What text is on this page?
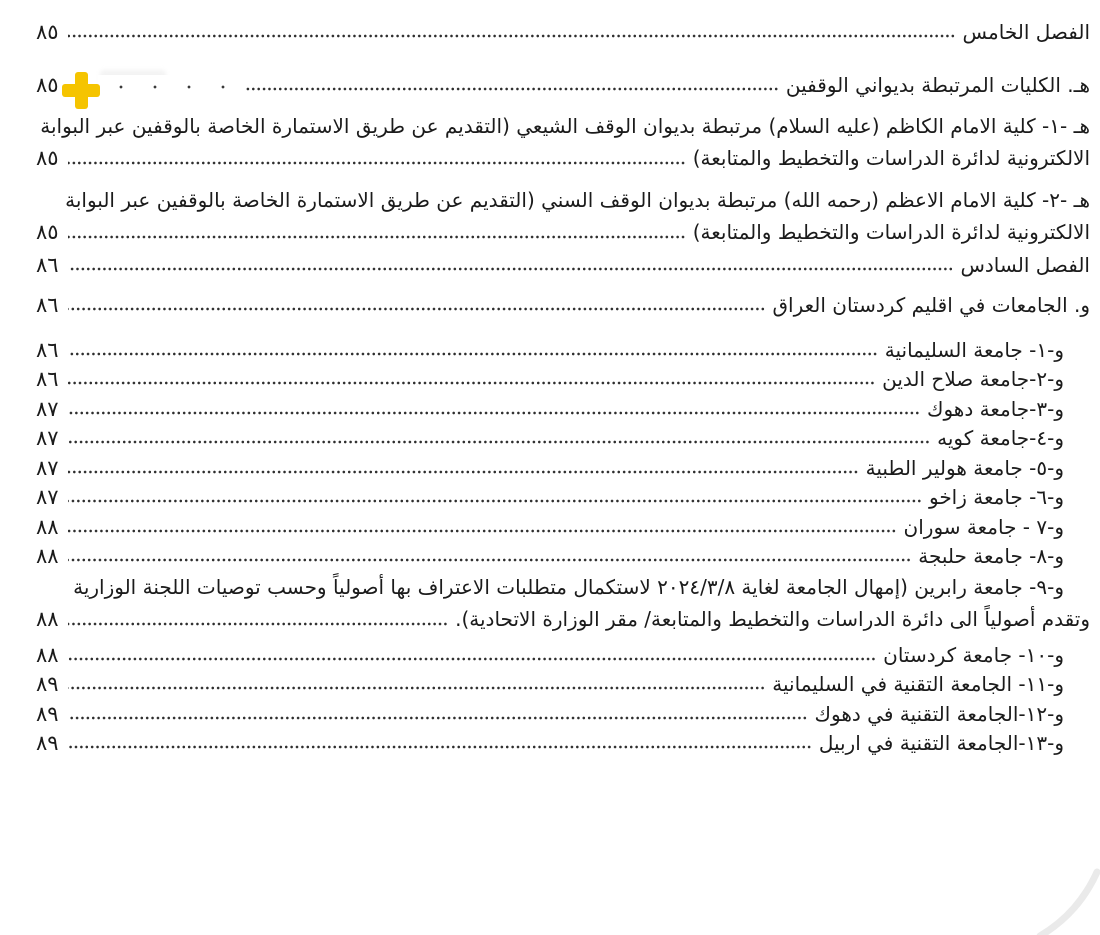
الفصل الخامس
٨٥
هـ. الكليات المرتبطة بديواني الوقفين
٨٥
هـ -١- كلية الامام الكاظم (عليه السلام) مرتبطة بديوان الوقف الشيعي (التقديم عن طريق الاستمارة الخاصة بالوقفين عبر البوابة
الالكترونية لدائرة الدراسات والتخطيط والمتابعة)
٨٥
هـ -٢- كلية الامام الاعظم (رحمه الله) مرتبطة بديوان الوقف السني (التقديم عن طريق الاستمارة الخاصة بالوقفين عبر البوابة
الالكترونية لدائرة الدراسات والتخطيط والمتابعة)
٨٥
الفصل السادس
٨٦
و. الجامعات في اقليم كردستان العراق
٨٦
و-١- جامعة السليمانية
٨٦
و-٢-جامعة صلاح الدين
٨٦
و-٣-جامعة دهوك
٨٧
و-٤-جامعة كويه
٨٧
و-٥- جامعة هولير الطبية
٨٧
و-٦- جامعة زاخو
٨٧
و-٧ - جامعة سوران
٨٨
و-٨- جامعة حلبجة
٨٨
و-٩- جامعة رابرين (إمهال الجامعة لغاية ٢٠٢٤/٣/٨ لاستكمال متطلبات الاعتراف بها أصولياً وحسب توصيات اللجنة الوزارية
وتقدم أصولياً الى دائرة الدراسات والتخطيط والمتابعة/ مقر الوزارة الاتحادية).
٨٨
و-١٠- جامعة كردستان
٨٨
و-١١- الجامعة التقنية في السليمانية
٨٩
و-١٢-الجامعة التقنية في دهوك
٨٩
و-١٣-الجامعة التقنية في اربيل
٨٩
